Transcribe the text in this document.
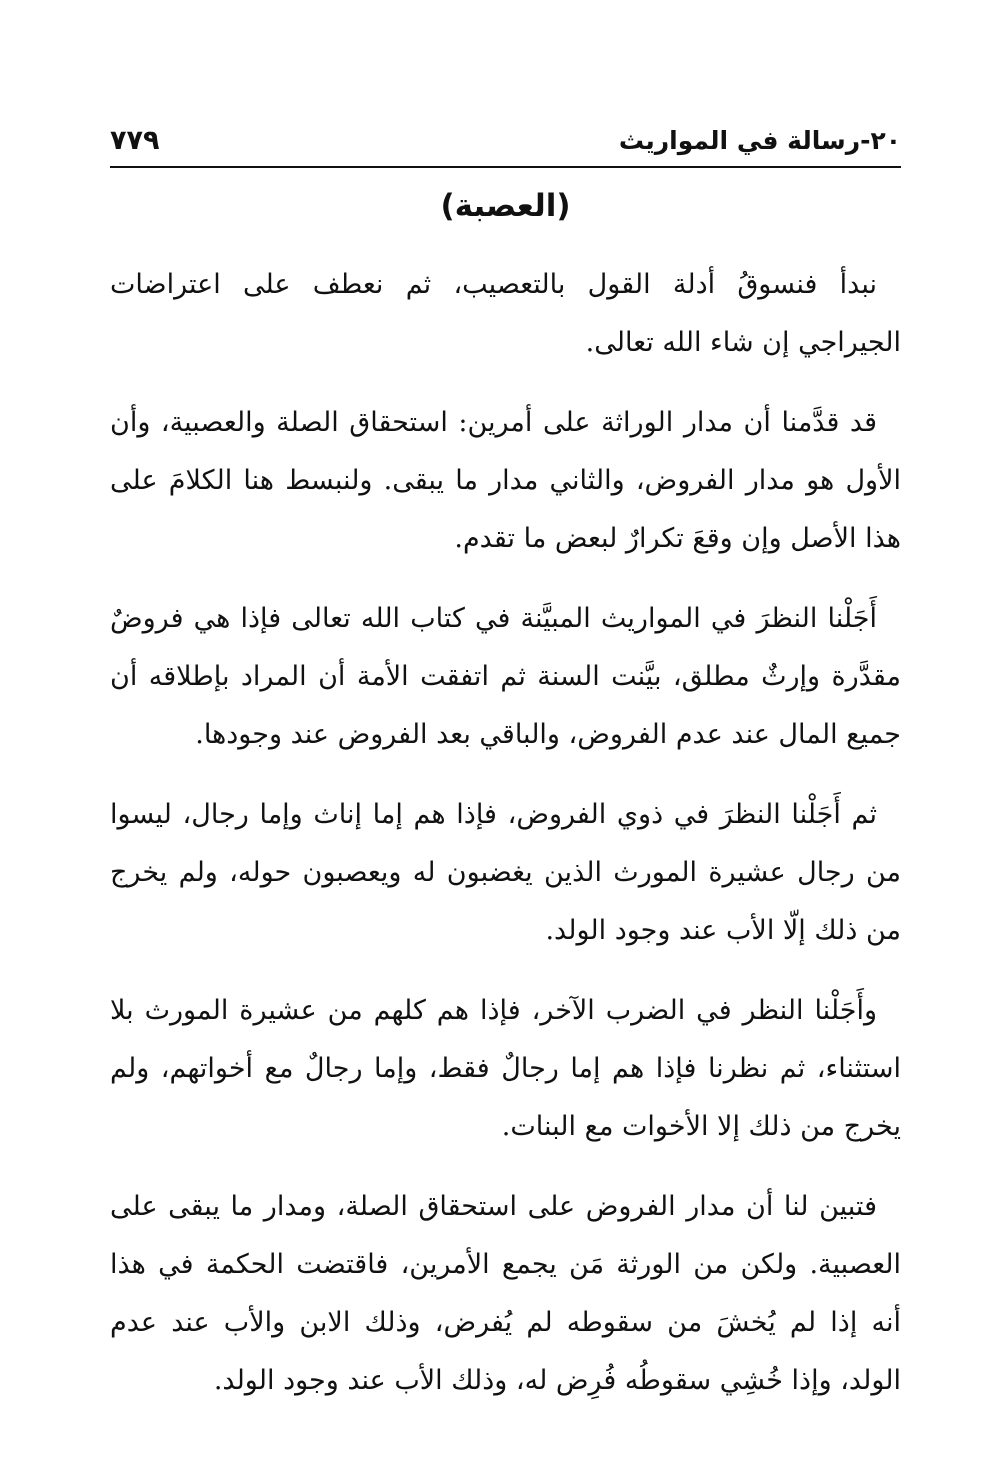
٢٠-رسالة في المواريث
٧٧٩
(العصبة)

نبدأ فنسوقُ أدلة القول بالتعصيب، ثم نعطف على اعتراضات الجيراجي إن شاء الله تعالى.

قد قدَّمنا أن مدار الوراثة على أمرين: استحقاق الصلة والعصبية، وأن الأول هو مدار الفروض، والثاني مدار ما يبقى. ولنبسط هنا الكلامَ على هذا الأصل وإن وقعَ تكرارٌ لبعض ما تقدم.

أَجَلْنا النظرَ في المواريث المبيَّنة في كتاب الله تعالى فإذا هي فروضٌ مقدَّرة وإرثٌ مطلق، بيَّنت السنة ثم اتفقت الأمة أن المراد بإطلاقه أن جميع المال عند عدم الفروض، والباقي بعد الفروض عند وجودها.

ثم أَجَلْنا النظرَ في ذوي الفروض، فإذا هم إما إناث وإما رجال، ليسوا من رجال عشيرة المورث الذين يغضبون له ويعصبون حوله، ولم يخرج من ذلك إلّا الأب عند وجود الولد.

وأَجَلْنا النظر في الضرب الآخر، فإذا هم كلهم من عشيرة المورث بلا استثناء، ثم نظرنا فإذا هم إما رجالٌ فقط، وإما رجالٌ مع أخواتهم، ولم يخرج من ذلك إلا الأخوات مع البنات.

فتبين لنا أن مدار الفروض على استحقاق الصلة، ومدار ما يبقى على العصبية. ولكن من الورثة مَن يجمع الأمرين، فاقتضت الحكمة في هذا أنه إذا لم يُخشَ من سقوطه لم يُفرض، وذلك الابن والأب عند عدم الولد، وإذا خُشِي سقوطُه فُرِض له، وذلك الأب عند وجود الولد.
